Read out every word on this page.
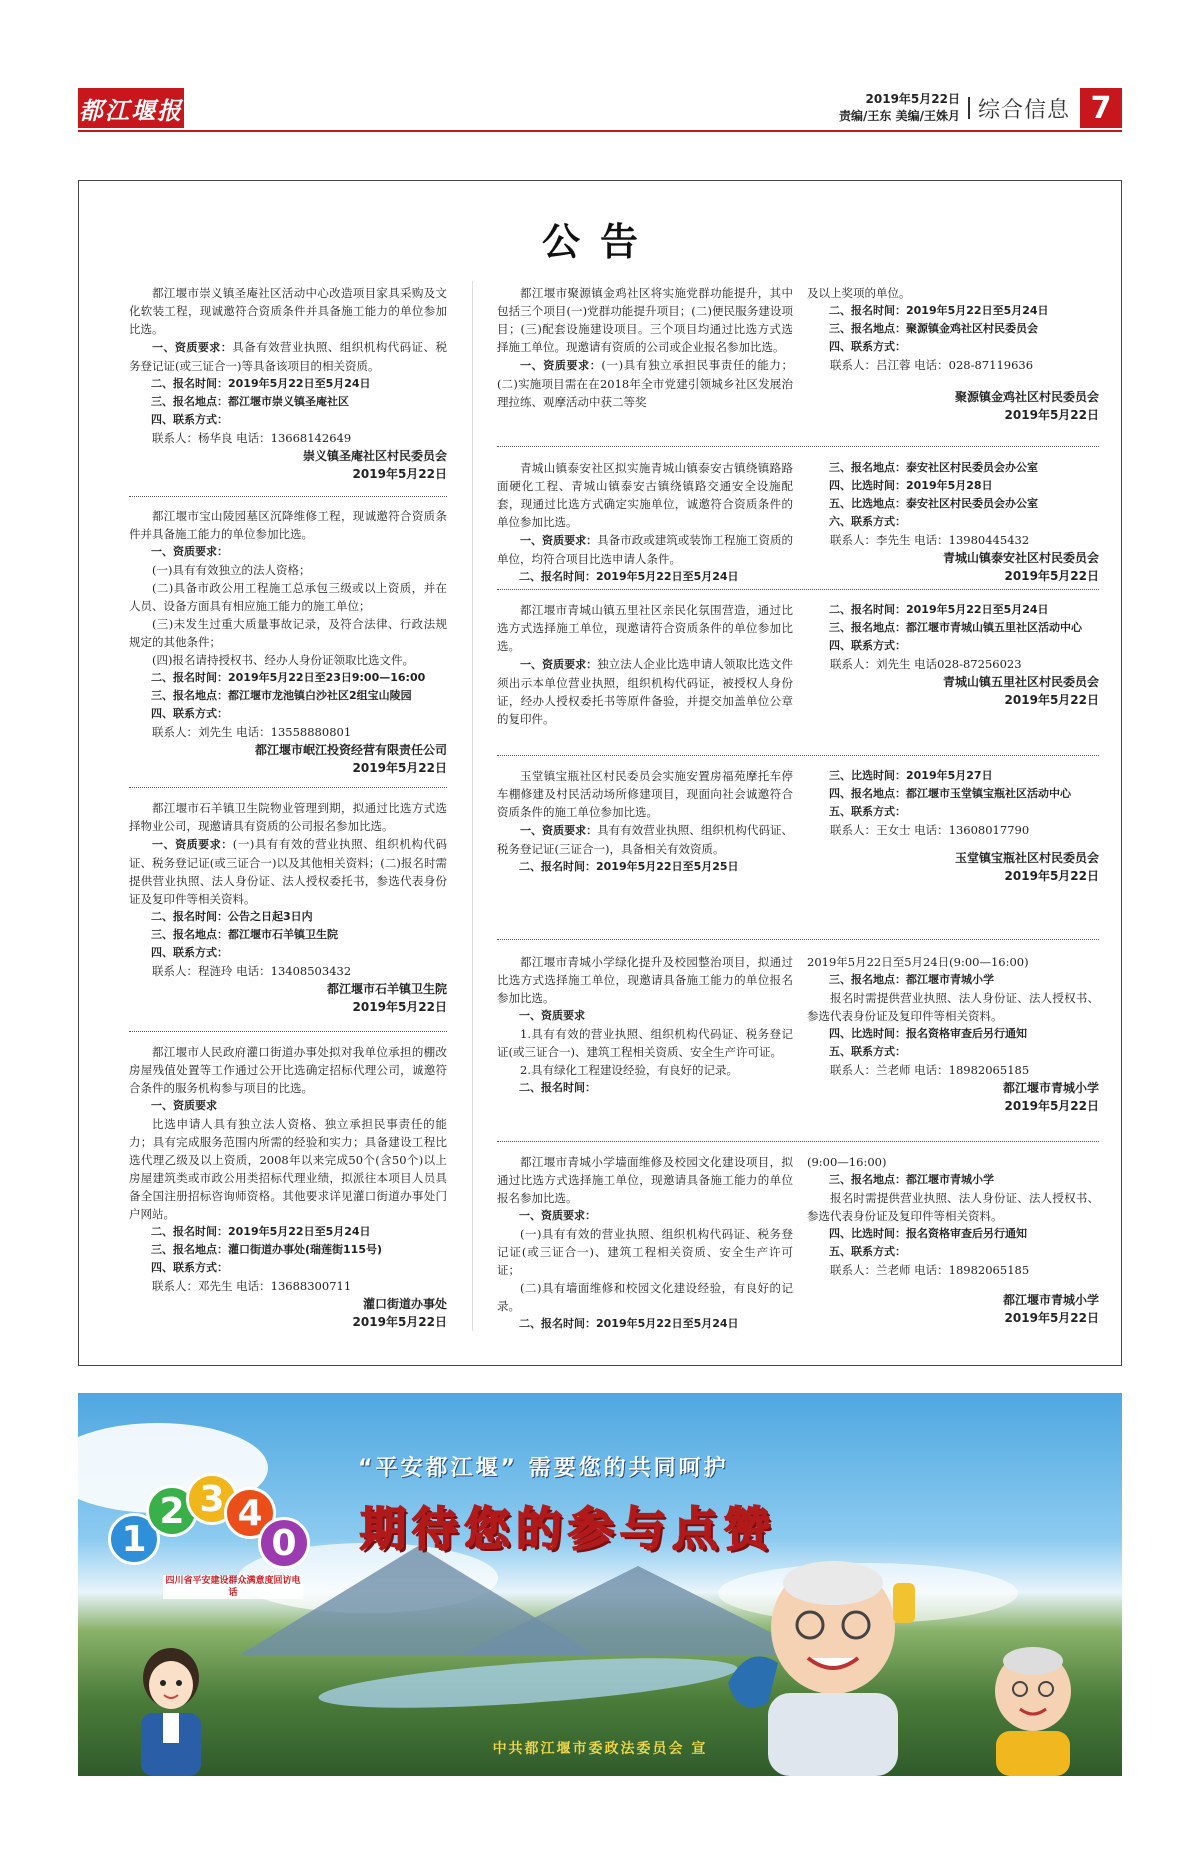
都江堰报	2019年5月22日
责编/王东 美编/王姝月 综合信息 7
公告
都江堰市崇义镇圣庵社区活动中心改造项目家具采购及文化软装工程，现诚邀符合资质条件并具备施工能力的单位参加比选。
一、资质要求：具备有效营业执照、组织机构代码证、税务登记证(或三证合一)等具备该项目的相关资质。
二、报名时间：2019年5月22日至5月24日
三、报名地点：都江堰市崇义镇圣庵社区
四、联系方式：
联系人：杨华良 电话：13668142649
崇义镇圣庵社区村民委员会
2019年5月22日
都江堰市宝山陵园墓区沉降维修工程，现诚邀符合资质条件并具备施工能力的单位参加比选。
一、资质要求：
(一)具有有效独立的法人资格；
(二)具备市政公用工程施工总承包三级或以上资质，并在人员、设备方面具有相应施工能力的施工单位；
(三)未发生过重大质量事故记录，及符合法律、行政法规规定的其他条件；
(四)报名请持授权书、经办人身份证领取比选文件。
二、报名时间：2019年5月22日至23日9:00—16:00
三、报名地点：都江堰市龙池镇白沙社区2组宝山陵园
四、联系方式：
联系人：刘先生 电话：13558880801
都江堰市岷江投资经营有限责任公司
2019年5月22日
都江堰市石羊镇卫生院物业管理到期，拟通过比选方式选择物业公司，现邀请具有资质的公司报名参加比选。
一、资质要求：(一)具有有效的营业执照、组织机构代码证、税务登记证(或三证合一)以及其他相关资料；(二)报名时需提供营业执照、法人身份证、法人授权委托书，参选代表身份证及复印件等相关资料。
二、报名时间：公告之日起3日内
三、报名地点：都江堰市石羊镇卫生院
四、联系方式：
联系人：程涟玲 电话：13408503432
都江堰市石羊镇卫生院
2019年5月22日
都江堰市人民政府灌口街道办事处拟对我单位承担的棚改房屋残值处置等工作通过公开比选确定招标代理公司，诚邀符合条件的服务机构参与项目的比选。
一、资质要求
比选申请人具有独立法人资格、独立承担民事责任的能力；具有完成服务范围内所需的经验和实力；具备建设工程比选代理乙级及以上资质，2008年以来完成50个(含50个)以上房屋建筑类或市政公用类招标代理业绩，拟派往本项目人员具备全国注册招标咨询师资格。其他要求详见灌口街道办事处门户网站。
二、报名时间：2019年5月22日至5月24日
三、报名地点：灌口街道办事处(瑞莲街115号)
四、联系方式：
联系人：邓先生 电话：13688300711
灌口街道办事处
2019年5月22日
都江堰市聚源镇金鸡社区将实施党群功能提升，其中包括三个项目(一)党群功能提升项目；(二)便民服务建设项目；(三)配套设施建设项目。三个项目均通过比选方式选择施工单位。现邀请有资质的公司或企业报名参加比选。
一、资质要求：(一)具有独立承担民事责任的能力；(二)实施项目需在在2018年全市党建引领城乡社区发展治理拉练、观摩活动中获二等奖
及以上奖项的单位。
二、报名时间：2019年5月22日至5月24日
三、报名地点：聚源镇金鸡社区村民委员会
四、联系方式：
联系人：吕江蓉 电话：028-87119636
聚源镇金鸡社区村民委员会
2019年5月22日
青城山镇泰安社区拟实施青城山镇泰安古镇绕镇路路面硬化工程、青城山镇泰安古镇绕镇路交通安全设施配套，现通过比选方式确定实施单位，诚邀符合资质条件的单位参加比选。
一、资质要求：具备市政或建筑或装饰工程施工资质的单位，均符合项目比选申请人条件。
二、报名时间：2019年5月22日至5月24日
三、报名地点：泰安社区村民委员会办公室
四、比选时间：2019年5月28日
五、比选地点：泰安社区村民委员会办公室
六、联系方式：
联系人：李先生 电话：13980445432
青城山镇泰安社区村民委员会
2019年5月22日
都江堰市青城山镇五里社区亲民化氛围营造，通过比选方式选择施工单位，现邀请符合资质条件的单位参加比选。
一、资质要求：独立法人企业比选申请人领取比选文件须出示本单位营业执照，组织机构代码证，被授权人身份证，经办人授权委托书等原件备验，并提交加盖单位公章的复印件。
二、报名时间：2019年5月22日至5月24日
三、报名地点：都江堰市青城山镇五里社区活动中心
四、联系方式：
联系人：刘先生 电话028-87256023
青城山镇五里社区村民委员会
2019年5月22日
玉堂镇宝瓶社区村民委员会实施安置房福苑摩托车停车棚修建及村民活动场所修建项目，现面向社会诚邀符合资质条件的施工单位参加比选。
一、资质要求：具有有效营业执照、组织机构代码证、税务登记证(三证合一)，具备相关有效资质。
二、报名时间：2019年5月22日至5月25日
三、比选时间：2019年5月27日
四、报名地点：都江堰市玉堂镇宝瓶社区活动中心
五、联系方式：
联系人：王女士 电话：13608017790
玉堂镇宝瓶社区村民委员会
2019年5月22日
都江堰市青城小学绿化提升及校园整治项目，拟通过比选方式选择施工单位，现邀请具备施工能力的单位报名参加比选。
一、资质要求
1.具有有效的营业执照、组织机构代码证、税务登记证(或三证合一)、建筑工程相关资质、安全生产许可证。
2.具有绿化工程建设经验，有良好的记录。
二、报名时间：
2019年5月22日至5月24日(9:00—16:00)
三、报名地点：都江堰市青城小学
报名时需提供营业执照、法人身份证、法人授权书、参选代表身份证及复印件等相关资料。
四、比选时间：报名资格审查后另行通知
五、联系方式：
联系人：兰老师 电话：18982065185
都江堰市青城小学
2019年5月22日
都江堰市青城小学墙面维修及校园文化建设项目，拟通过比选方式选择施工单位，现邀请具备施工能力的单位报名参加比选。
一、资质要求：
(一)具有有效的营业执照、组织机构代码证、税务登记证(或三证合一)、建筑工程相关资质、安全生产许可证；
(二)具有墙面维修和校园文化建设经验，有良好的记录。
二、报名时间：2019年5月22日至5月24日
(9:00—16:00)
三、报名地点：都江堰市青城小学
报名时需提供营业执照、法人身份证、法人授权书、参选代表身份证及复印件等相关资料。
四、比选时间：报名资格审查后另行通知
五、联系方式：
联系人：兰老师 电话：18982065185
都江堰市青城小学
2019年5月22日
1
2 3 4
0
四川省平安建设群众满意度回访电话
“平安都江堰” 需要您的共同呵护
期待您的参与点赞
中共都江堰市委政法委员会 宣
